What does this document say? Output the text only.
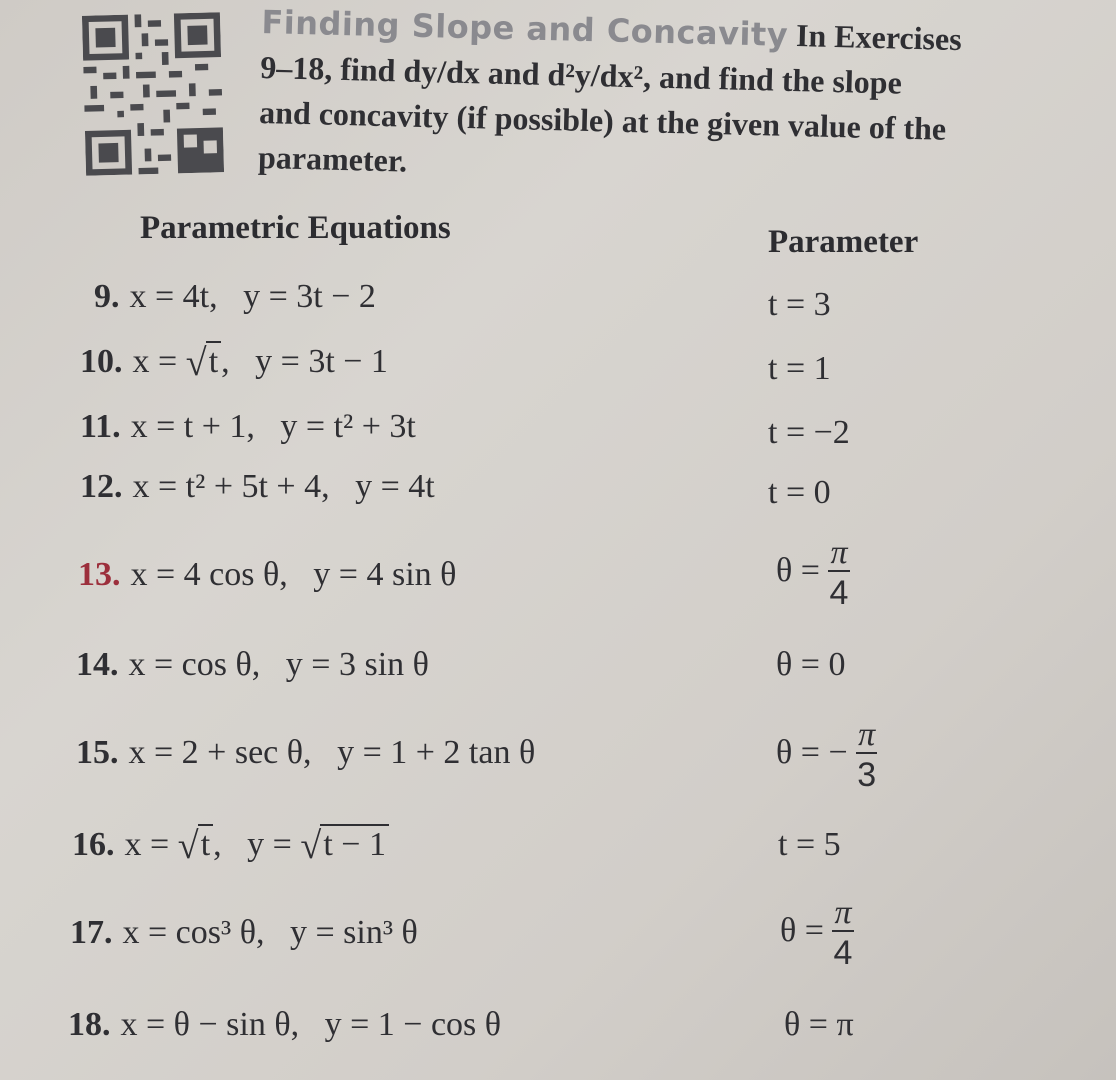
Finding Slope and Concavity In Exercises
9–18, find dy/dx and d²y/dx², and find the slope
and concavity (if possible) at the given value of the
parameter.
Parametric Equations	Parameter
9. x = 4t, y = 3t − 2	t = 3
10. x = √ t, y = 3t − 1	t = 1
11. x = t + 1, y = t² + 3t	t = −2
12. x = t² + 5t + 4, y = 4t	t = 0
13. x = 4 cos θ, y = 4 sin θ	$\theta = \frac{\pi}{4}$
14. x = cos θ, y = 3 sin θ	θ = 0
15. x = 2 + sec θ, y = 1 + 2 tan θ	θ = − $\frac{\pi}{3}$
16. x = √ t, y = √ t − 1	t = 5
17. x = cos³ θ, y = sin³ θ	$\theta = \frac{\pi}{4}$
18. x = θ − sin θ, y = 1 − cos θ	θ = π
